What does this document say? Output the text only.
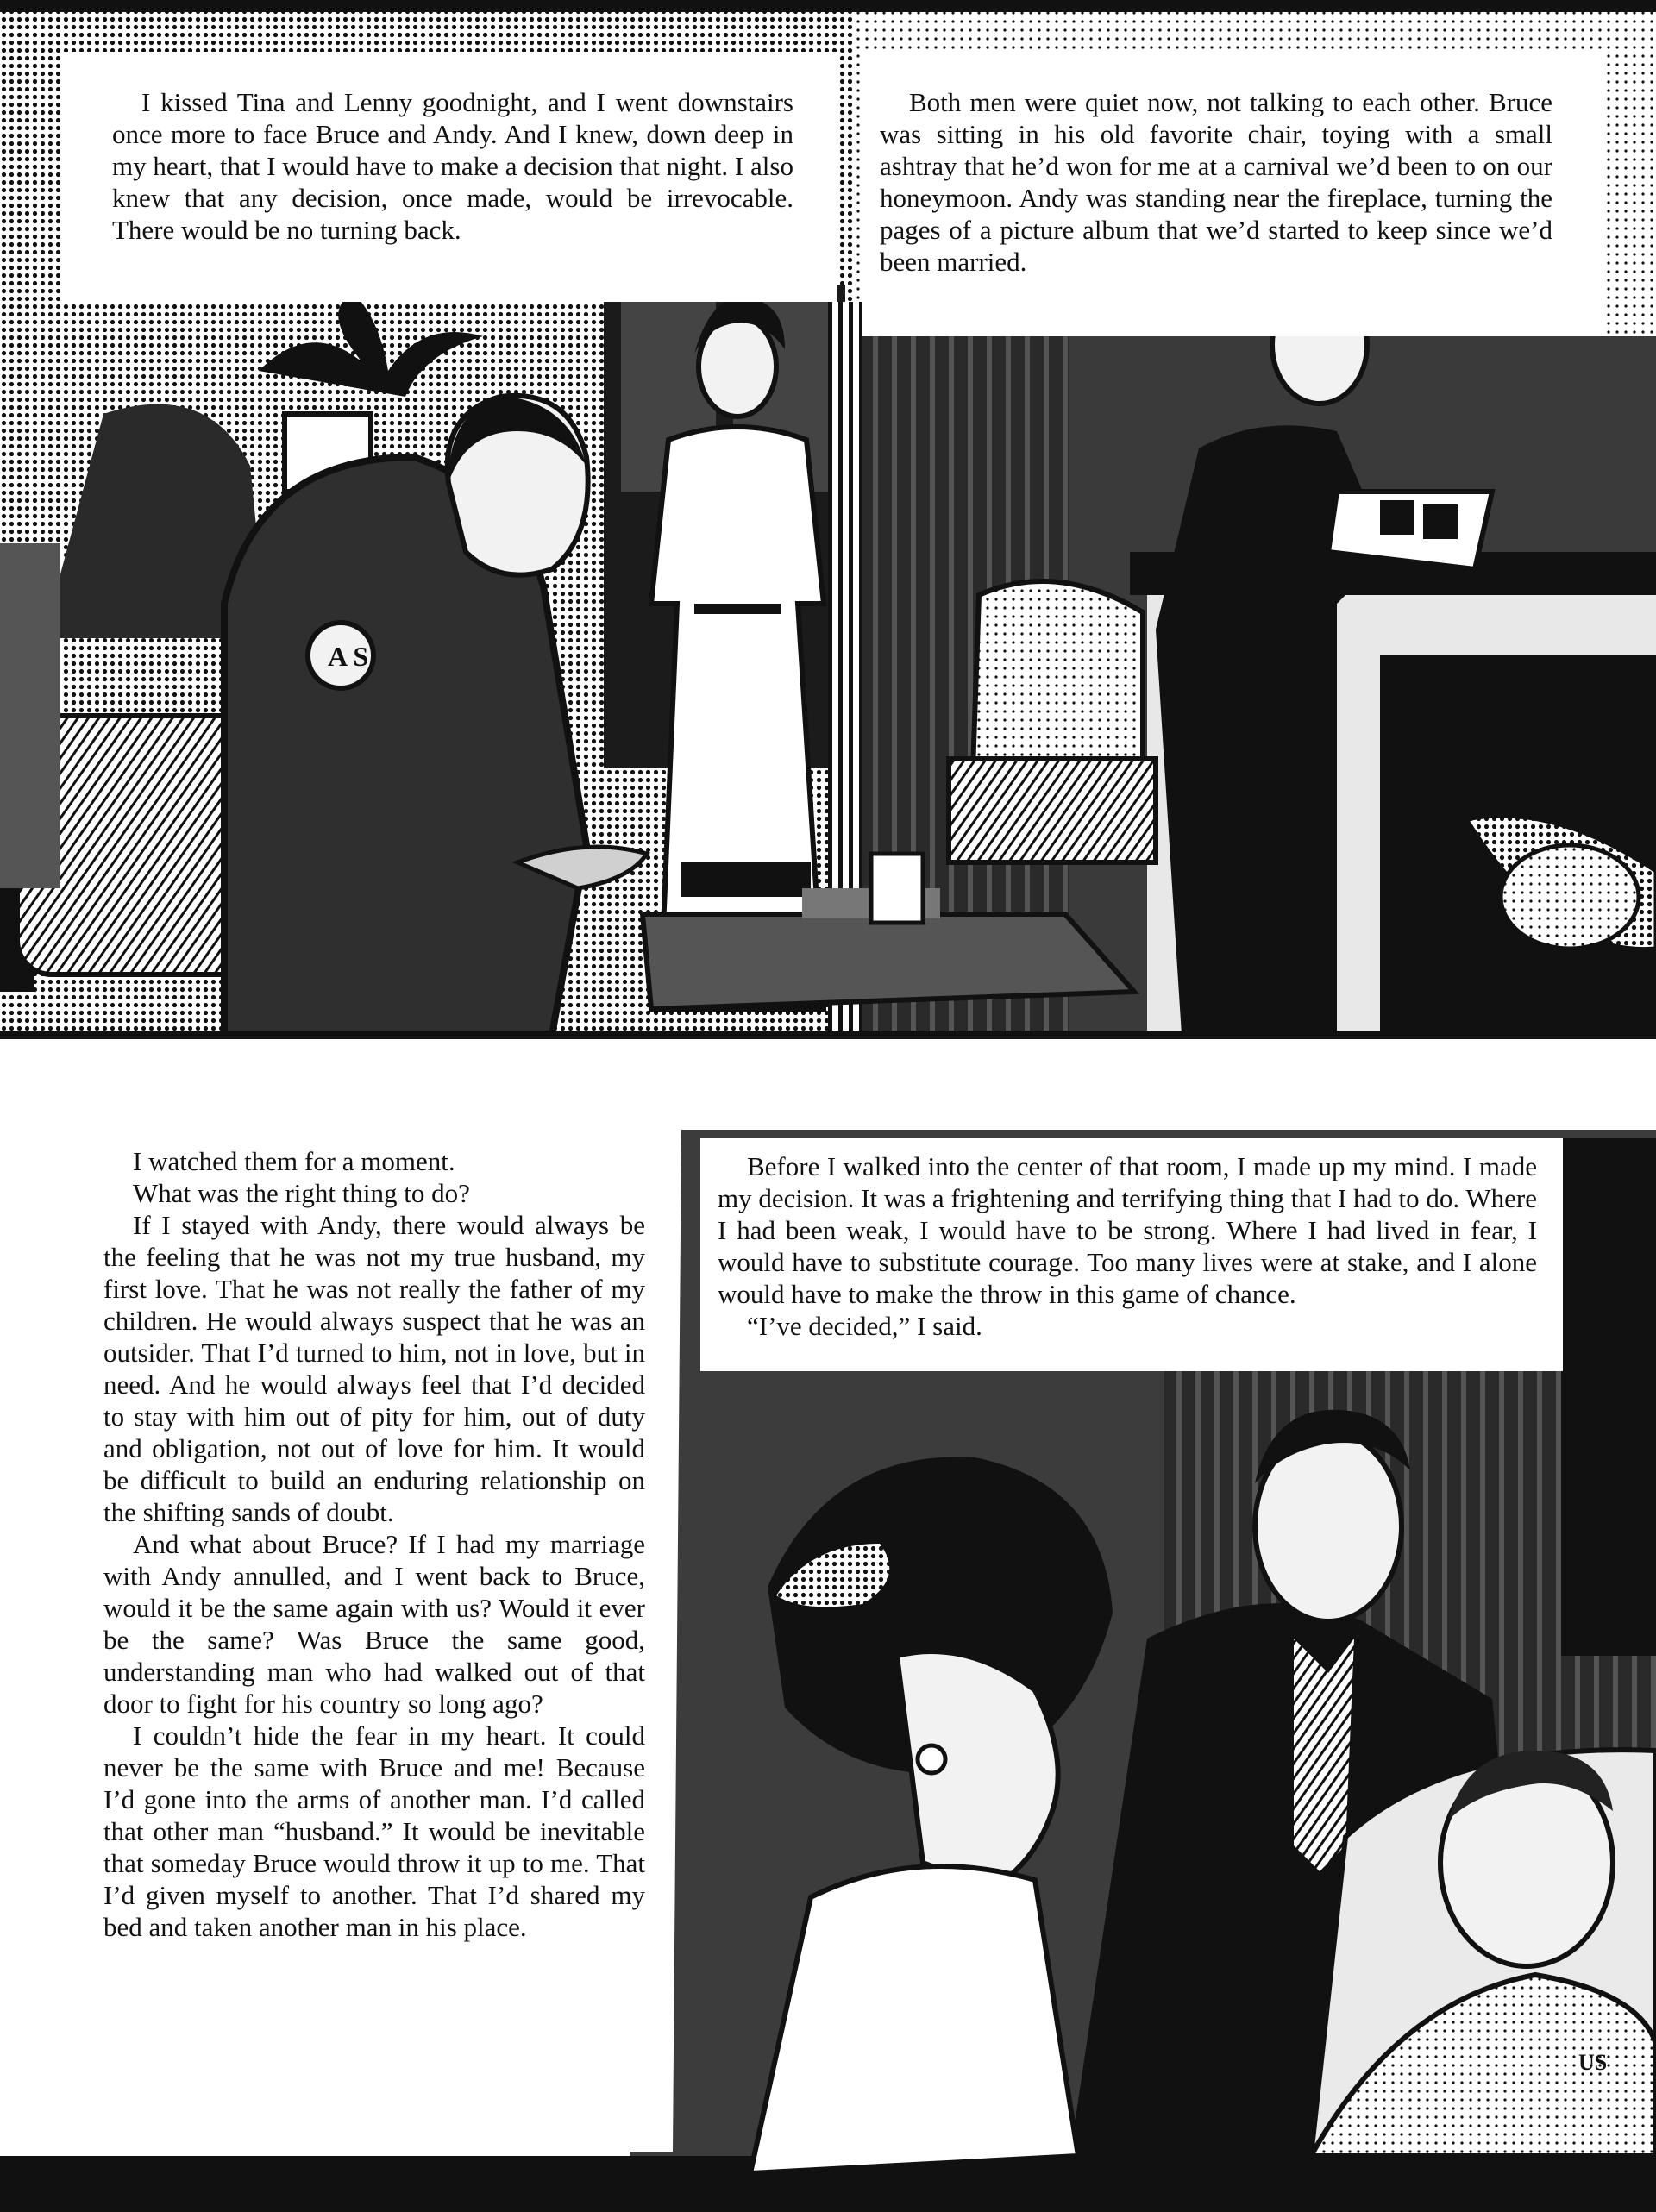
A S
US

I kissed Tina and Lenny goodnight, and I went downstairs once more to face Bruce and Andy. And I knew, down deep in my heart, that I would have to make a decision that night. I also knew that any decision, once made, would be irrevocable. There would be no turning back.

Both men were quiet now, not talking to each other. Bruce was sitting in his old favorite chair, toying with a small ashtray that he’d won for me at a carnival we’d been to on our honeymoon. Andy was standing near the fireplace, turning the pages of a picture album that we’d started to keep since we’d been married.

I watched them for a moment.

What was the right thing to do?

If I stayed with Andy, there would always be the feeling that he was not my true husband, my first love. That he was not really the father of my children. He would always suspect that he was an outsider. That I’d turned to him, not in love, but in need. And he would always feel that I’d decided to stay with him out of pity for him, out of duty and obligation, not out of love for him. It would be difficult to build an enduring relationship on the shifting sands of doubt.

And what about Bruce? If I had my marriage with Andy annulled, and I went back to Bruce, would it be the same again with us? Would it ever be the same? Was Bruce the same good, understanding man who had walked out of that door to fight for his country so long ago?

I couldn’t hide the fear in my heart. It could never be the same with Bruce and me! Because I’d gone into the arms of another man. I’d called that other man “husband.” It would be inevitable that someday Bruce would throw it up to me. That I’d given myself to another. That I’d shared my bed and taken another man in his place.

Before I walked into the center of that room, I made up my mind. I made my decision. It was a frightening and terrifying thing that I had to do. Where I had been weak, I would have to be strong. Where I had lived in fear, I would have to substitute courage. Too many lives were at stake, and I alone would have to make the throw in this game of chance.

“I’ve decided,” I said.
